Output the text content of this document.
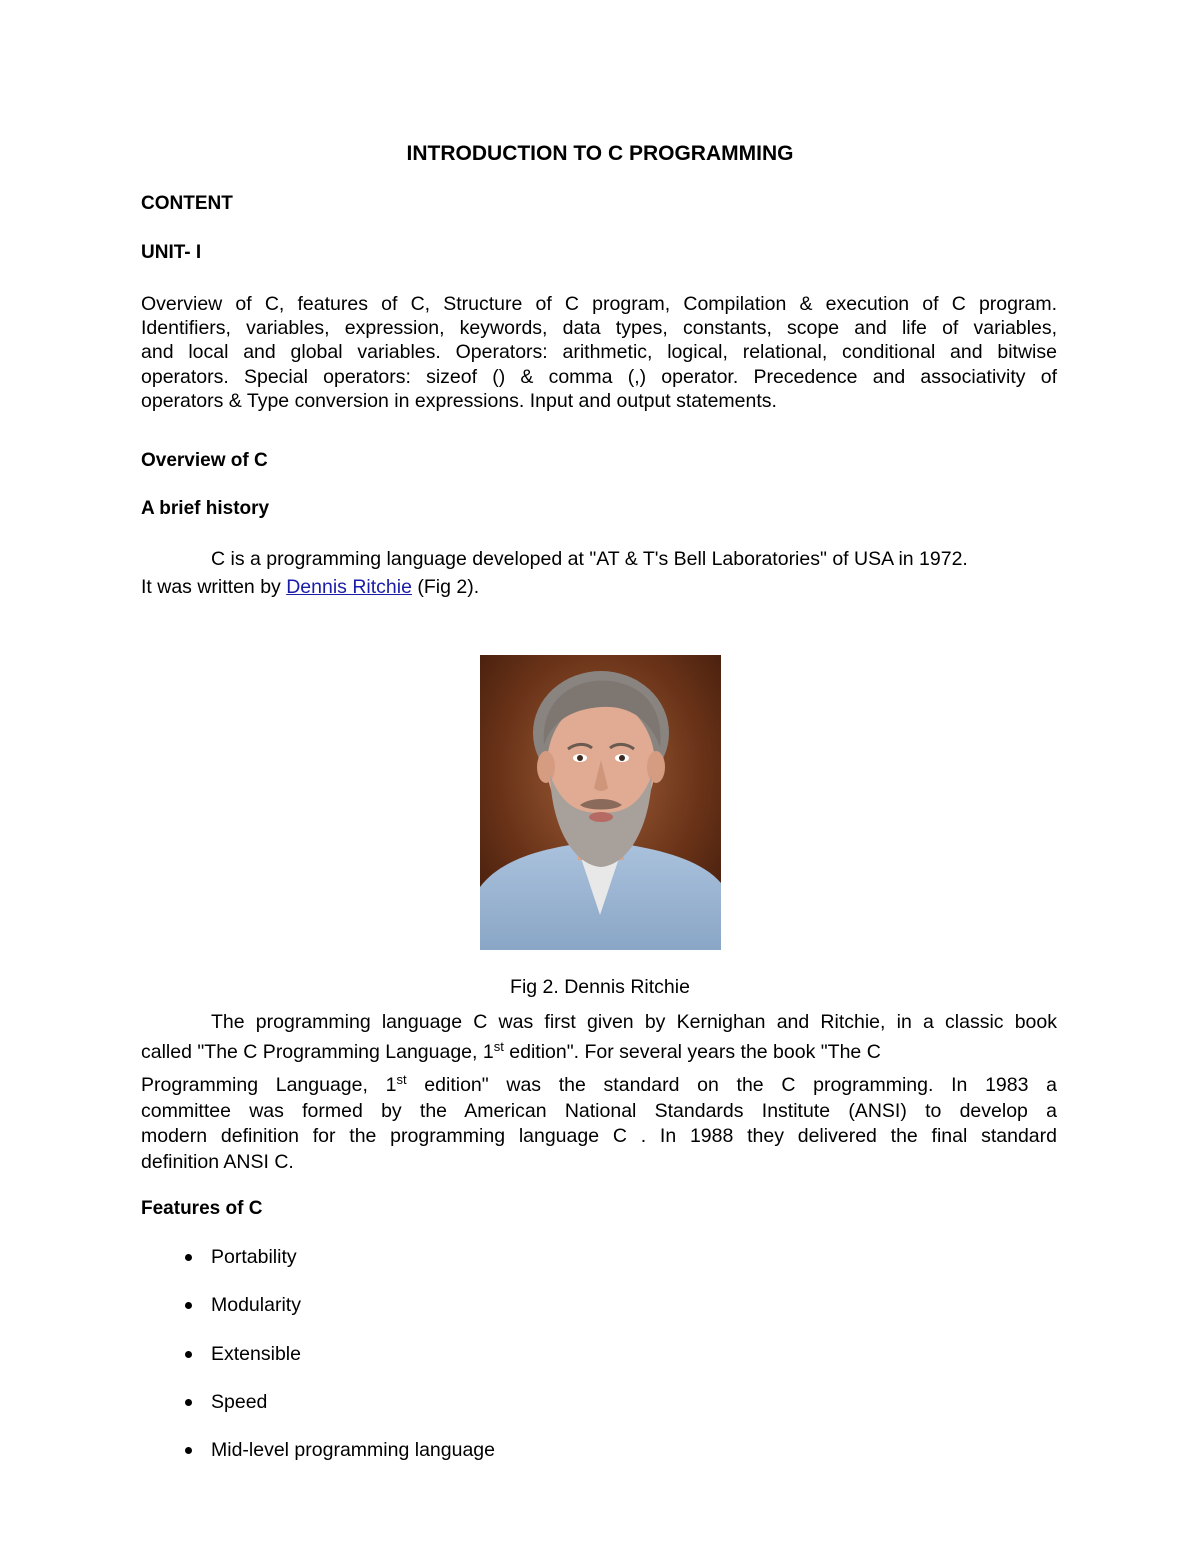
INTRODUCTION TO C PROGRAMMING
CONTENT
UNIT- I
Overview of C, features of C, Structure of C program, Compilation & execution of C program.
Identifiers, variables, expression, keywords, data types, constants, scope and life of variables,
and local and global variables. Operators: arithmetic, logical, relational, conditional and bitwise
operators. Special operators: sizeof () & comma (,) operator. Precedence and associativity of
operators & Type conversion in expressions. Input and output statements.
Overview of C
A brief history
C is a programming language developed at "AT & T's Bell Laboratories" of USA in 1972.
It was written by Dennis Ritchie (Fig 2).
Fig 2. Dennis Ritchie
The programming language C was first given by Kernighan and Ritchie, in a classic book
called "The C Programming Language, 1st edition". For several years the book "The C
Programming Language, 1st edition" was the standard on the C programming. In 1983 a
committee was formed by the American National Standards Institute (ANSI) to develop a
modern definition for the programming language C . In 1988 they delivered the final standard
definition ANSI C.
Features of C
Portability
Modularity
Extensible
Speed
Mid-level programming language
